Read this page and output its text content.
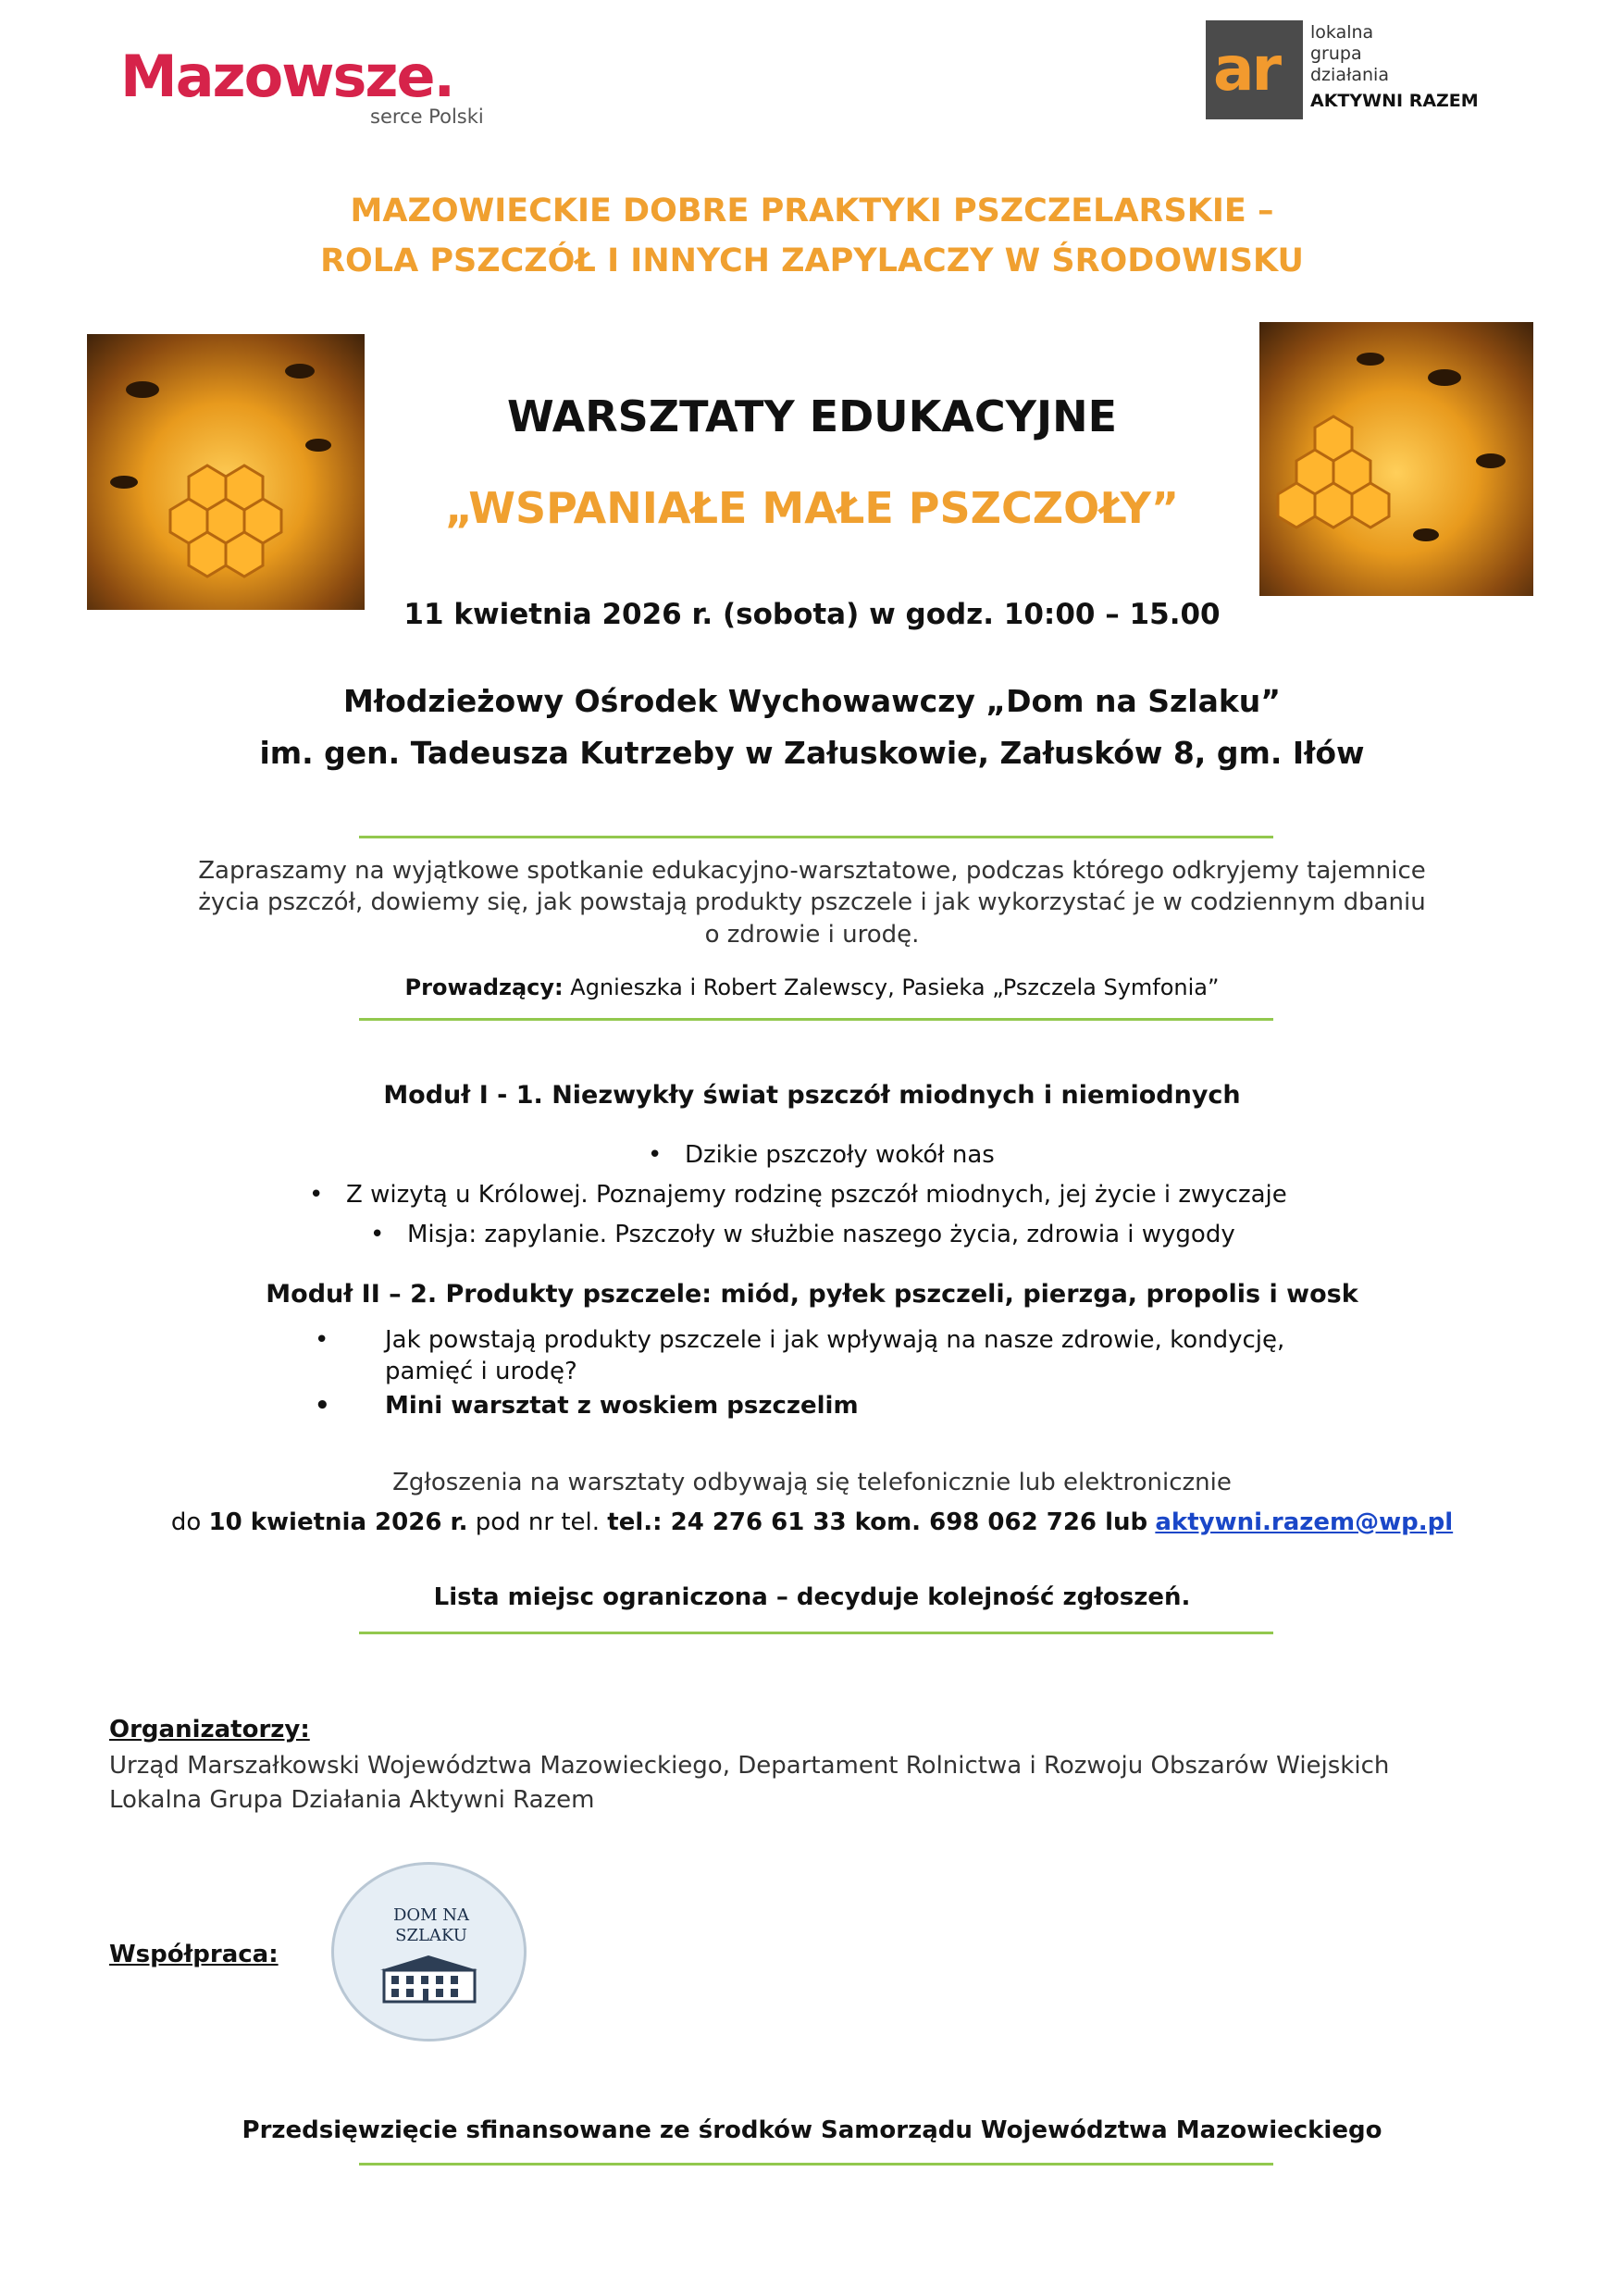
Mazowsze.
serce Polski
ar
lokalna
grupa
działania
AKTYWNI RAZEM
MAZOWIECKIE DOBRE PRAKTYKI PSZCZELARSKIE –
ROLA PSZCZÓŁ I INNYCH ZAPYLACZY W ŚRODOWISKU
WARSZTATY EDUKACYJNE
„WSPANIAŁE MAŁE PSZCZOŁY”
11 kwietnia 2026 r. (sobota) w godz. 10:00 – 15.00
Młodzieżowy Ośrodek Wychowawczy „Dom na Szlaku”
im. gen. Tadeusza Kutrzeby w Załuskowie, Załusków 8, gm. Iłów
Zapraszamy na wyjątkowe spotkanie edukacyjno-warsztatowe, podczas którego odkryjemy tajemnice
życia pszczół, dowiemy się, jak powstają produkty pszczele i jak wykorzystać je w codziennym dbaniu
o zdrowie i urodę.
Prowadzący: Agnieszka i Robert Zalewscy, Pasieka „Pszczela Symfonia”
Moduł I - 1. Niezwykły świat pszczół miodnych i niemiodnych
• Dzikie pszczoły wokół nas
• Z wizytą u Królowej. Poznajemy rodzinę pszczół miodnych, jej życie i zwyczaje
• Misja: zapylanie. Pszczoły w służbie naszego życia, zdrowia i wygody
Moduł II – 2. Produkty pszczele: miód, pyłek pszczeli, pierzga, propolis i wosk
•	Jak powstają produkty pszczele i jak wpływają na nasze zdrowie, kondycję,
pamięć i urodę?
•	Mini warsztat z woskiem pszczelim
Zgłoszenia na warsztaty odbywają się telefonicznie lub elektronicznie
do 10 kwietnia 2026 r. pod nr tel. tel.: 24 276 61 33 kom. 698 062 726 lub aktywni.razem@wp.pl
Lista miejsc ograniczona – decyduje kolejność zgłoszeń.
Organizatorzy:
Urząd Marszałkowski Województwa Mazowieckiego, Departament Rolnictwa i Rozwoju Obszarów Wiejskich
Lokalna Grupa Działania Aktywni Razem
Współpraca:
DOM NA
SZLAKU
Przedsięwzięcie sfinansowane ze środków Samorządu Województwa Mazowieckiego
